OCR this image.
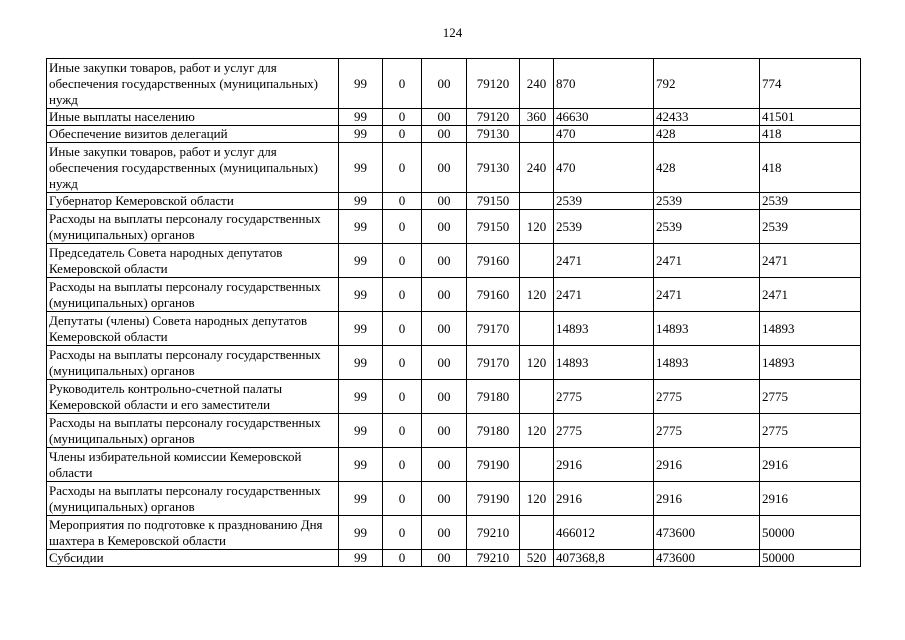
124
Иные закупки товаров, работ и услуг для обеспечения государственных (муниципальных) нужд	99	0	00	79120	240	870	792	774
Иные выплаты населению	99	0	00	79120	360	46630	42433	41501
Обеспечение визитов делегаций	99	0	00	79130		470	428	418
Иные закупки товаров, работ и услуг для обеспечения государственных (муниципальных) нужд	99	0	00	79130	240	470	428	418
Губернатор Кемеровской области	99	0	00	79150		2539	2539	2539
Расходы на выплаты персоналу государственных (муниципальных) органов	99	0	00	79150	120	2539	2539	2539
Председатель Совета народных депутатов Кемеровской области	99	0	00	79160		2471	2471	2471
Расходы на выплаты персоналу государственных (муниципальных) органов	99	0	00	79160	120	2471	2471	2471
Депутаты (члены) Совета народных депутатов Кемеровской области	99	0	00	79170		14893	14893	14893
Расходы на выплаты персоналу государственных (муниципальных) органов	99	0	00	79170	120	14893	14893	14893
Руководитель контрольно-счетной палаты Кемеровской области и его заместители	99	0	00	79180		2775	2775	2775
Расходы на выплаты персоналу государственных (муниципальных) органов	99	0	00	79180	120	2775	2775	2775
Члены избирательной комиссии Кемеровской области	99	0	00	79190		2916	2916	2916
Расходы на выплаты персоналу государственных (муниципальных) органов	99	0	00	79190	120	2916	2916	2916
Мероприятия по подготовке к празднованию Дня шахтера в Кемеровской области	99	0	00	79210		466012	473600	50000
Субсидии	99	0	00	79210	520	407368,8	473600	50000
